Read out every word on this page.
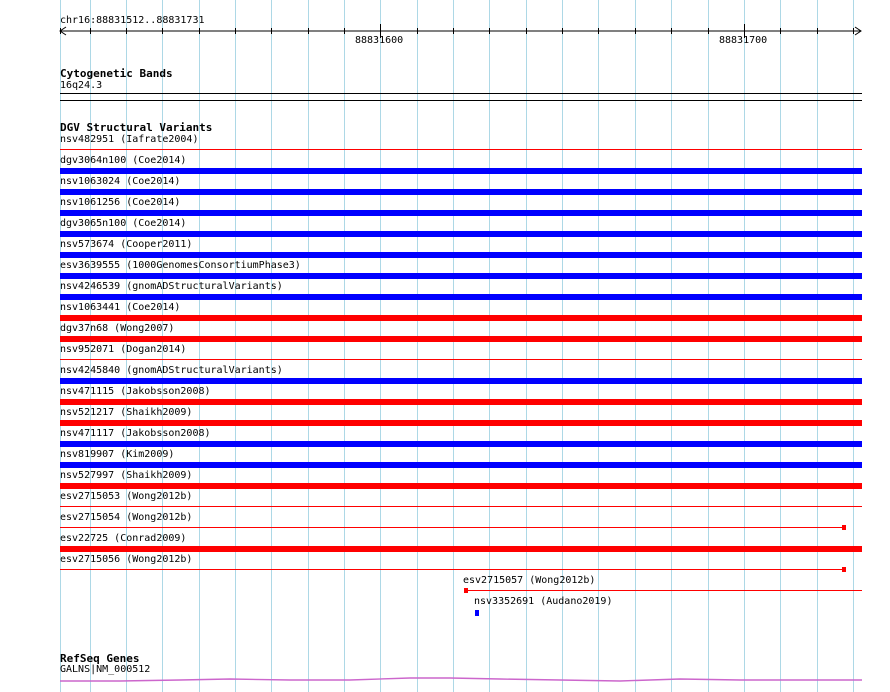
chr16:88831512..88831731
88831600	88831700
Cytogenetic Bands
16q24.3
DGV Structural Variants
nsv482951 (Iafrate2004)
dgv3064n100 (Coe2014)
nsv1063024 (Coe2014)
nsv1061256 (Coe2014)
dgv3065n100 (Coe2014)
nsv573674 (Cooper2011)
esv3639555 (1000GenomesConsortiumPhase3)
nsv4246539 (gnomADStructuralVariants)
nsv1063441 (Coe2014)
dgv37n68 (Wong2007)
nsv952071 (Dogan2014)
nsv4245840 (gnomADStructuralVariants)
nsv471115 (Jakobsson2008)
nsv521217 (Shaikh2009)
nsv471117 (Jakobsson2008)
nsv819907 (Kim2009)
nsv527997 (Shaikh2009)
esv2715053 (Wong2012b)
esv2715054 (Wong2012b)
esv22725 (Conrad2009)
esv2715056 (Wong2012b)
esv2715057 (Wong2012b)
nsv3352691 (Audano2019)
RefSeq Genes
GALNS|NM_000512
